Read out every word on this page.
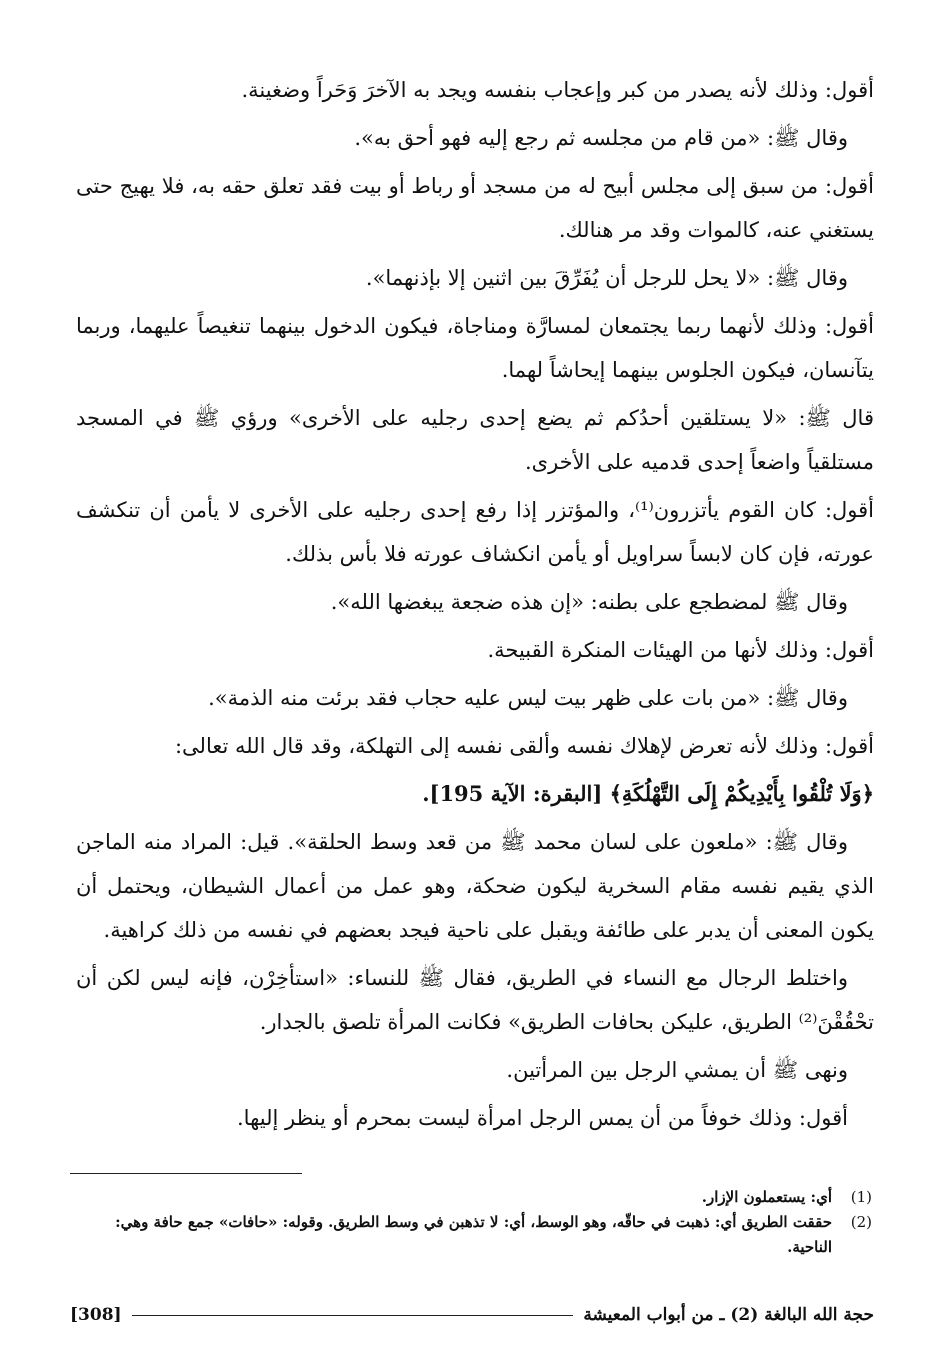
أقول: وذلك لأنه يصدر من كبر وإعجاب بنفسه ويجد به الآخرَ وَحَراً وضغينة.

وقال ﷺ: «من قام من مجلسه ثم رجع إليه فهو أحق به».

أقول: من سبق إلى مجلس أبيح له من مسجد أو رباط أو بيت فقد تعلق حقه به، فلا يهيج حتى يستغني عنه، كالموات وقد مر هنالك.

وقال ﷺ: «لا يحل للرجل أن يُفَرِّقَ بين اثنين إلا بإذنهما».

أقول: وذلك لأنهما ربما يجتمعان لمسارَّة ومناجاة، فيكون الدخول بينهما تنغيصاً عليهما، وربما يتآنسان، فيكون الجلوس بينهما إيحاشاً لهما.

قال ﷺ: «لا يستلقين أحدُكم ثم يضع إحدى رجليه على الأخرى» ورؤي ﷺ في المسجد مستلقياً واضعاً إحدى قدميه على الأخرى.

أقول: كان القوم يأتزرون⁽¹⁾، والمؤتزر إذا رفع إحدى رجليه على الأخرى لا يأمن أن تنكشف عورته، فإن كان لابساً سراويل أو يأمن انكشاف عورته فلا بأس بذلك.

وقال ﷺ لمضطجع على بطنه: «إن هذه ضجعة يبغضها الله».

أقول: وذلك لأنها من الهيئات المنكرة القبيحة.

وقال ﷺ: «من بات على ظهر بيت ليس عليه حجاب فقد برئت منه الذمة».

أقول: وذلك لأنه تعرض لإهلاك نفسه وألقى نفسه إلى التهلكة، وقد قال الله تعالى:

﴿وَلَا تُلْقُوا بِأَيْدِيكُمْ إِلَى التَّهْلُكَةِ﴾ [البقرة: الآية 195].

وقال ﷺ: «ملعون على لسان محمد ﷺ من قعد وسط الحلقة». قيل: المراد منه الماجن الذي يقيم نفسه مقام السخرية ليكون ضحكة، وهو عمل من أعمال الشيطان، ويحتمل أن يكون المعنى أن يدبر على طائفة ويقبل على ناحية فيجد بعضهم في نفسه من ذلك كراهية.

واختلط الرجال مع النساء في الطريق، فقال ﷺ للنساء: «استأخِرْن، فإنه ليس لكن أن تحْقُقْنَ⁽²⁾ الطريق، عليكن بحافات الطريق» فكانت المرأة تلصق بالجدار.

ونهى ﷺ أن يمشي الرجل بين المرأتين.

أقول: وذلك خوفاً من أن يمس الرجل امرأة ليست بمحرم أو ينظر إليها.

(1)
أي: يستعملون الإزار.
(2)
حققت الطريق أي: ذهبت في حاقّه، وهو الوسط، أي: لا تذهبن في وسط الطريق. وقوله: «حافات» جمع حافة وهي: الناحية.
حجة الله البالغة (2) ـ من أبواب المعيشة
[308]
